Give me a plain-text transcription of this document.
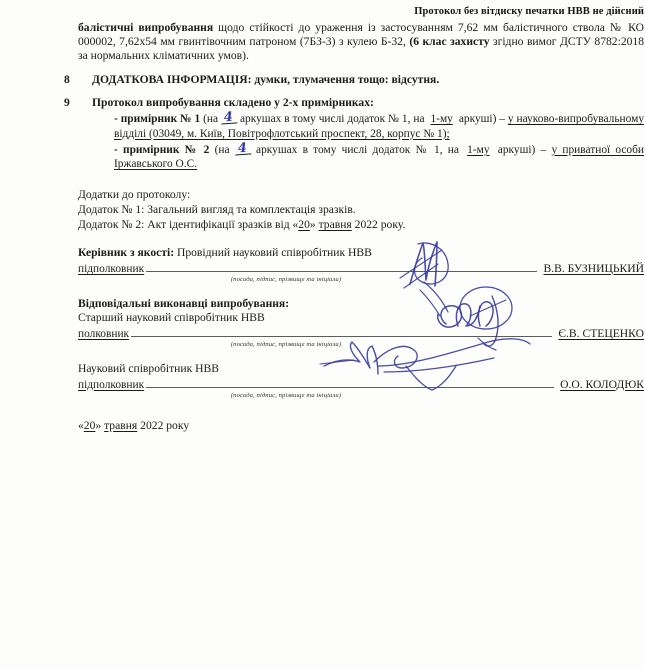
Протокол без вітдиску печатки НВВ не дійсний

балістичні випробування щодо стійкості до ураження із застосуванням 7,62 мм балістичного ствола № КО 000002, 7,62x54 мм гвинтівочним патроном (7БЗ-3) з кулею Б-32, (6 клас захисту згідно вимог ДСТУ 8782:2018 за нормальних кліматичних умов).

8	ДОДАТКОВА ІНФОРМАЦІЯ: думки, тлумачення тощо: відсутня.
9	Протокол випробування складено у 2-х примірниках:
- примірник № 1 (на 4 аркушах в тому числі додаток № 1, на 1-му аркуші) – у науково-випробувальному відділі (03049, м. Київ, Повітрофлотський проспект, 28, корпус № 1);
- примірник № 2 (на 4 аркушах в тому числі додаток № 1, на 1-му аркуші) – у приватної особи Іржавського О.С.
Додатки до протоколу:
Додаток № 1: Загальний вигляд та комплектація зразків.
Додаток № 2: Акт ідентифікації зразків від «20» травня 2022 року.
Керівник з якості: Провідний науковий співробітник НВВ
підполковник	В.В. БУЗНИЦЬКИЙ
(посада, підпис, прізвище та ініціали)
Відповідальні виконавці випробування:
Старший науковий співробітник НВВ
полковник	Є.В. СТЕЦЕНКО
(посада, підпис, прізвище та ініціали)
Науковий співробітник НВВ
підполковник	О.О. КОЛОДЮК
(посада, підпис, прізвище та ініціали)
«20» травня 2022 року
